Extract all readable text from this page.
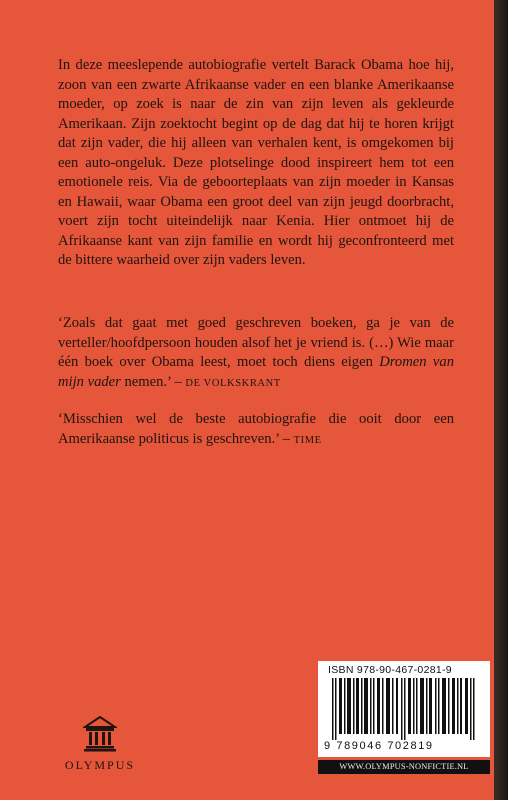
In deze meeslepende autobiografie vertelt Barack Obama hoe hij, zoon van een zwarte Afrikaanse vader en een blanke Amerikaanse moeder, op zoek is naar de zin van zijn leven als gekleurde Amerikaan. Zijn zoektocht begint op de dag dat hij te horen krijgt dat zijn vader, die hij alleen van verhalen kent, is omgekomen bij een auto-ongeluk. Deze plotselinge dood inspireert hem tot een emotionele reis. Via de geboorteplaats van zijn moeder in Kansas en Hawaii, waar Obama een groot deel van zijn jeugd doorbracht, voert zijn tocht uiteindelijk naar Kenia. Hier ontmoet hij de Afrikaanse kant van zijn familie en wordt hij geconfronteerd met de bittere waarheid over zijn vaders leven.

‘Zoals dat gaat met goed geschreven boeken, ga je van de verteller/hoofdpersoon houden alsof het je vriend is. (…) Wie maar één boek over Obama leest, moet toch diens eigen Dromen van mijn vader nemen.’ – DE VOLKSKRANT

‘Misschien wel de beste autobiografie die ooit door een Amerikaanse politicus is geschreven.’ – TIME

OLYMPUS
ISBN 978-90-467-0281-9
9 789046 702819
WWW.OLYMPUS-NONFICTIE.NL
